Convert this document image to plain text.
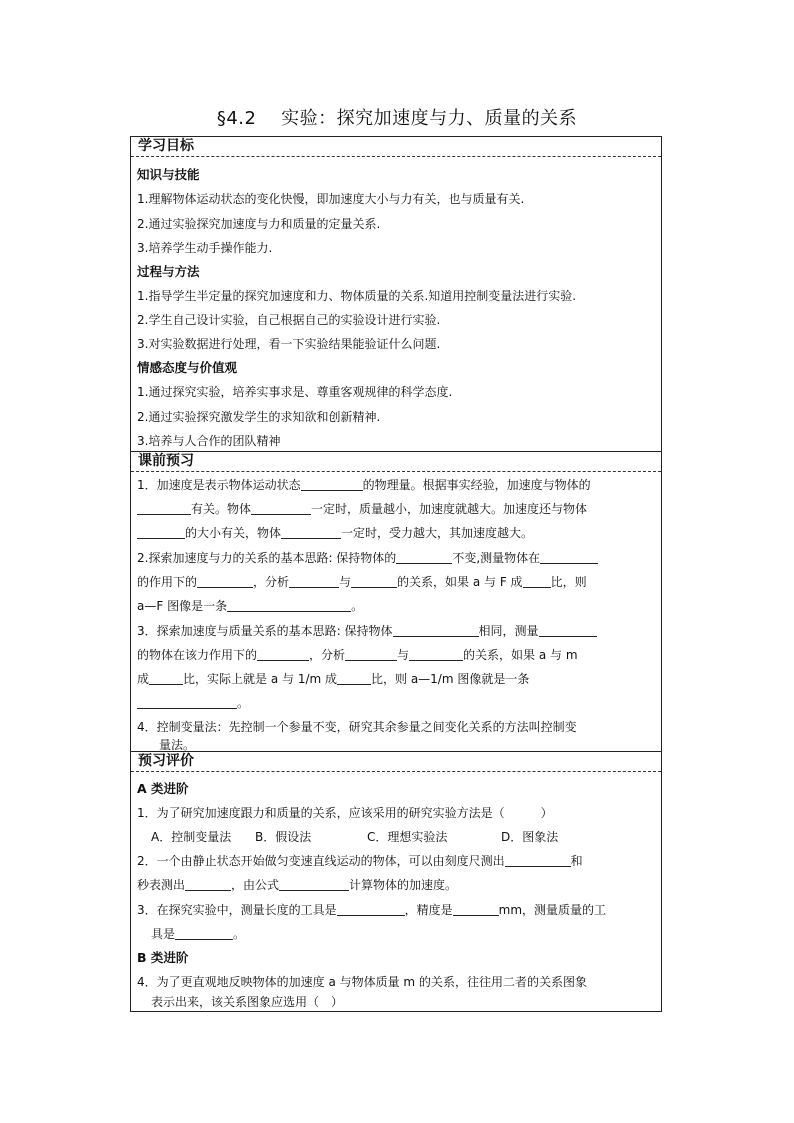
§4.2　 实验：探究加速度与力、质量的关系
学习目标
知识与技能
1.理解物体运动状态的变化快慢，即加速度大小与力有关，也与质量有关.
2.通过实验探究加速度与力和质量的定量关系.
3.培养学生动手操作能力.
过程与方法
1.指导学生半定量的探究加速度和力、物体质量的关系.知道用控制变量法进行实验.
2.学生自己设计实验，自己根据自己的实验设计进行实验.
3.对实验数据进行处理，看一下实验结果能验证什么问题.
情感态度与价值观
1.通过探究实验，培养实事求是、尊重客观规律的科学态度.
2.通过实验探究激发学生的求知欲和创新精神.
3.培养与人合作的团队精神
课前预习
1．加速度是表示物体运动状态	的物理量。根据事实经验，加速度与物体的
有关。物体	一定时，质量越小，加速度就越大。加速度还与物体
的大小有关，物体	一定时，受力越大，其加速度越大。
2.探索加速度与力的关系的基本思路: 保持物体的	不变,测量物体在
的作用下的	，分析	与	的关系，如果 a 与 F 成 比，则
a—F 图像是一条	。
3．探索加速度与质量关系的基本思路: 保持物体	相同，测量
的物体在该力作用下的	，分析	与	的关系，如果 a 与 m
成	比，实际上就是 a 与 1/m 成	比，则 a—1/m 图像就是一条
。
4．控制变量法：先控制一个参量不变，研究其余参量之间变化关系的方法叫控制变
量法。
预习评价
A 类进阶
1．为了研究加速度跟力和质量的关系，应该采用的研究实验方法是（　　　）
A．控制变量法 B．假设法	C．理想实验法	D．图象法
2．一个由静止状态开始做匀变速直线运动的物体，可以由刻度尺测出	和
秒表测出	，由公式	计算物体的加速度。
3．在探究实验中，测量长度的工具是	，精度是	mm，测量质量的工
具是	。
B 类进阶
4．为了更直观地反映物体的加速度 a 与物体质量 m 的关系，往往用二者的关系图象
表示出来，该关系图象应选用（　）
